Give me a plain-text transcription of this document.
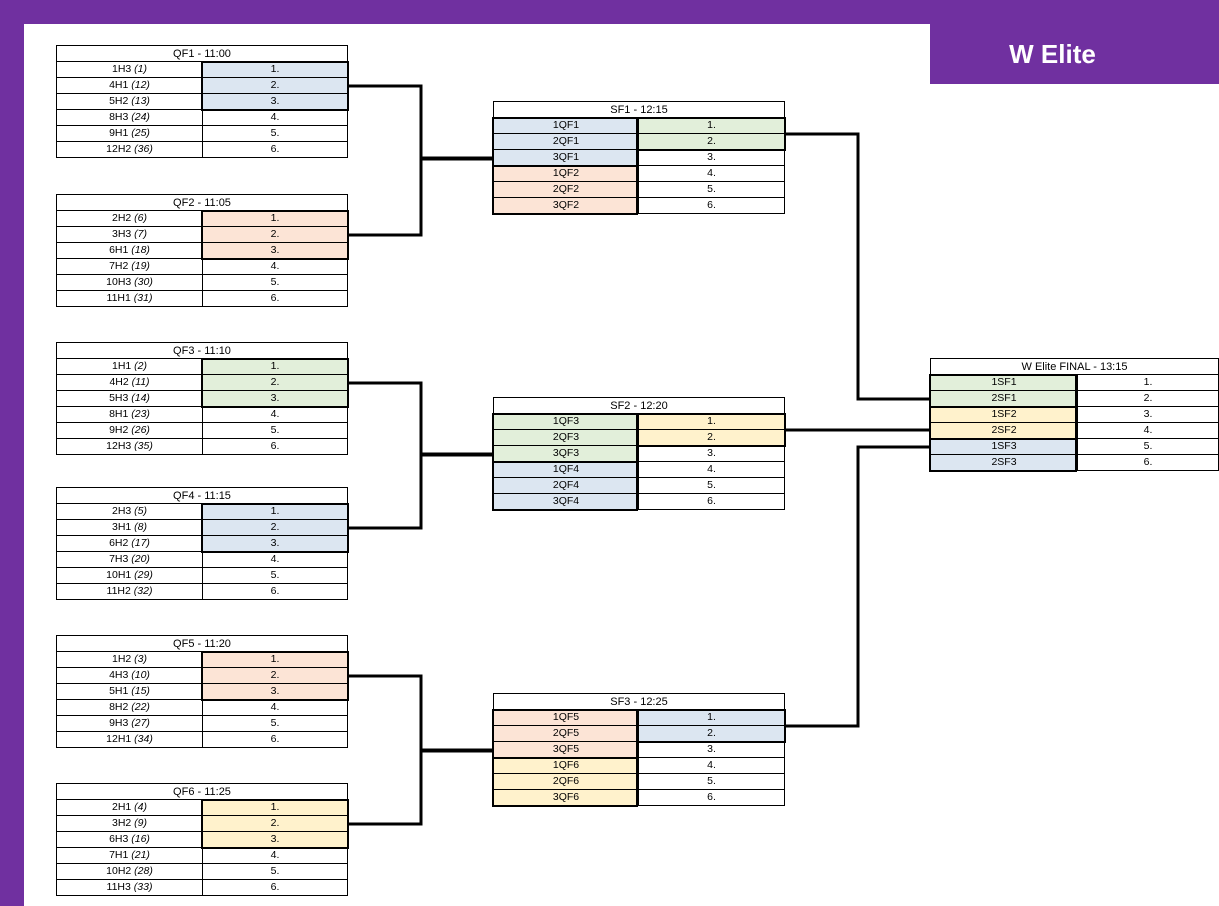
W Elite
QF1 - 11:00
1H3 (1)	1.
4H1 (12)	2.
5H2 (13)	3.
8H3 (24)	4.
9H1 (25)	5.
12H2 (36)	6.
QF2 - 11:05
2H2 (6)	1.
3H3 (7)	2.
6H1 (18)	3.
7H2 (19)	4.
10H3 (30)	5.
11H1 (31)	6.
QF3 - 11:10
1H1 (2)	1.
4H2 (11)	2.
5H3 (14)	3.
8H1 (23)	4.
9H2 (26)	5.
12H3 (35)	6.
QF4 - 11:15
2H3 (5)	1.
3H1 (8)	2.
6H2 (17)	3.
7H3 (20)	4.
10H1 (29)	5.
11H2 (32)	6.
QF5 - 11:20
1H2 (3)	1.
4H3 (10)	2.
5H1 (15)	3.
8H2 (22)	4.
9H3 (27)	5.
12H1 (34)	6.
QF6 - 11:25
2H1 (4)	1.
3H2 (9)	2.
6H3 (16)	3.
7H1 (21)	4.
10H2 (28)	5.
11H3 (33)	6.
SF1 - 12:15
1QF1	1.
2QF1	2.
3QF1	3.
1QF2	4.
2QF2	5.
3QF2	6.
SF2 - 12:20
1QF3	1.
2QF3	2.
3QF3	3.
1QF4	4.
2QF4	5.
3QF4	6.
SF3 - 12:25
1QF5	1.
2QF5	2.
3QF5	3.
1QF6	4.
2QF6	5.
3QF6	6.
W Elite FINAL - 13:15
1SF1	1.
2SF1	2.
1SF2	3.
2SF2	4.
1SF3	5.
2SF3	6.
